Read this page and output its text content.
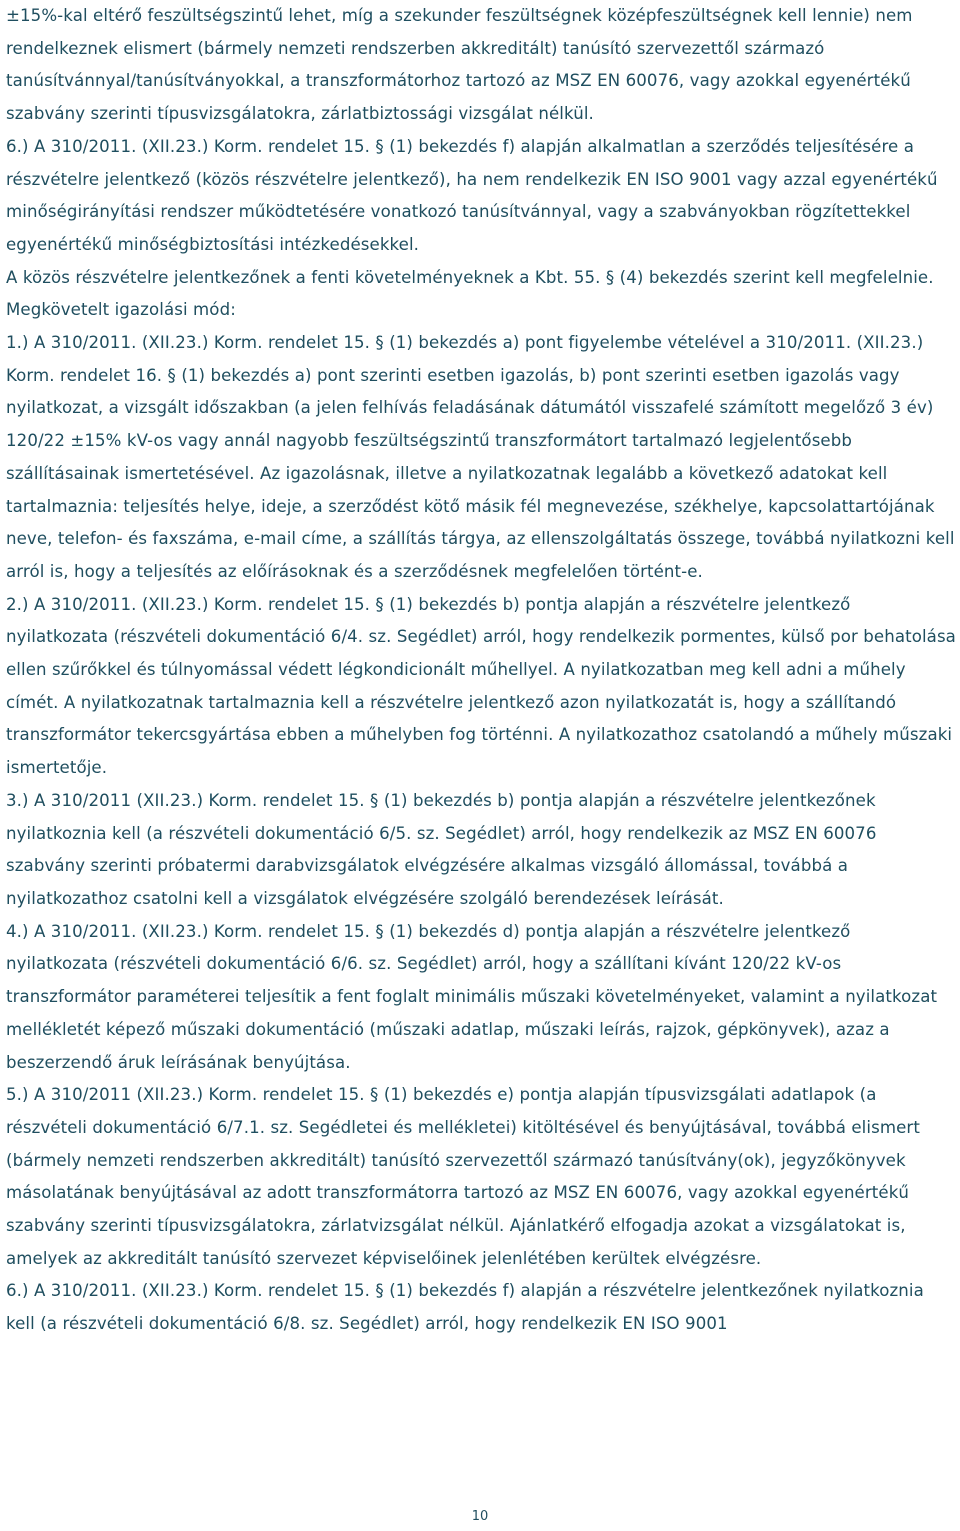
±15%-kal eltérő feszültségszintű lehet, míg a szekunder feszültségnek középfeszültségnek kell lennie) nem rendelkeznek elismert (bármely nemzeti rendszerben akkreditált) tanúsító szervezettől származó tanúsítvánnyal/tanúsítványokkal, a transzformátorhoz tartozó az MSZ EN 60076, vagy azokkal egyenértékű szabvány szerinti típusvizsgálatokra, zárlatbiztossági vizsgálat nélkül.

6.) A 310/2011. (XII.23.) Korm. rendelet 15. § (1) bekezdés f) alapján alkalmatlan a szerződés teljesítésére a részvételre jelentkező (közös részvételre jelentkező), ha nem rendelkezik EN ISO 9001 vagy azzal egyenértékű minőségirányítási rendszer működtetésére vonatkozó tanúsítvánnyal, vagy a szabványokban rögzítettekkel egyenértékű minőségbiztosítási intézkedésekkel.

A közös részvételre jelentkezőnek a fenti követelményeknek a Kbt. 55. § (4) bekezdés szerint kell megfelelnie.

Megkövetelt igazolási mód:

1.) A 310/2011. (XII.23.) Korm. rendelet 15. § (1) bekezdés a) pont figyelembe vételével a 310/2011. (XII.23.) Korm. rendelet 16. § (1) bekezdés a) pont szerinti esetben igazolás, b) pont szerinti esetben igazolás vagy nyilatkozat, a vizsgált időszakban (a jelen felhívás feladásának dátumától visszafelé számított megelőző 3 év) 120/22 ±15% kV-os vagy annál nagyobb feszültségszintű transzformátort tartalmazó legjelentősebb szállításainak ismertetésével. Az igazolásnak, illetve a nyilatkozatnak legalább a következő adatokat kell tartalmaznia: teljesítés helye, ideje, a szerződést kötő másik fél megnevezése, székhelye, kapcsolattartójának neve, telefon- és faxszáma, e-mail címe, a szállítás tárgya, az ellenszolgáltatás összege, továbbá nyilatkozni kell arról is, hogy a teljesítés az előírásoknak és a szerződésnek megfelelően történt-e.

2.) A 310/2011. (XII.23.) Korm. rendelet 15. § (1) bekezdés b) pontja alapján a részvételre jelentkező nyilatkozata (részvételi dokumentáció 6/4. sz. Segédlet) arról, hogy rendelkezik pormentes, külső por behatolása ellen szűrőkkel és túlnyomással védett légkondicionált műhellyel. A nyilatkozatban meg kell adni a műhely címét. A nyilatkozatnak tartalmaznia kell a részvételre jelentkező azon nyilatkozatát is, hogy a szállítandó transzformátor tekercsgyártása ebben a műhelyben fog történni. A nyilatkozathoz csatolandó a műhely műszaki ismertetője.

3.) A 310/2011 (XII.23.) Korm. rendelet 15. § (1) bekezdés b) pontja alapján a részvételre jelentkezőnek nyilatkoznia kell (a részvételi dokumentáció 6/5. sz. Segédlet) arról, hogy rendelkezik az MSZ EN 60076 szabvány szerinti próbatermi darabvizsgálatok elvégzésére alkalmas vizsgáló állomással, továbbá a nyilatkozathoz csatolni kell a vizsgálatok elvégzésére szolgáló berendezések leírását.

4.) A 310/2011. (XII.23.) Korm. rendelet 15. § (1) bekezdés d) pontja alapján a részvételre jelentkező nyilatkozata (részvételi dokumentáció 6/6. sz. Segédlet) arról, hogy a szállítani kívánt 120/22 kV-os transzformátor paraméterei teljesítik a fent foglalt minimális műszaki követelményeket, valamint a nyilatkozat mellékletét képező műszaki dokumentáció (műszaki adatlap, műszaki leírás, rajzok, gépkönyvek), azaz a beszerzendő áruk leírásának benyújtása.

5.) A 310/2011 (XII.23.) Korm. rendelet 15. § (1) bekezdés e) pontja alapján típusvizsgálati adatlapok (a részvételi dokumentáció 6/7.1. sz. Segédletei és mellékletei) kitöltésével és benyújtásával, továbbá elismert (bármely nemzeti rendszerben akkreditált) tanúsító szervezettől származó tanúsítvány(ok), jegyzőkönyvek másolatának benyújtásával az adott transzformátorra tartozó az MSZ EN 60076, vagy azokkal egyenértékű szabvány szerinti típusvizsgálatokra, zárlatvizsgálat nélkül. Ajánlatkérő elfogadja azokat a vizsgálatokat is, amelyek az akkreditált tanúsító szervezet képviselőinek jelenlétében kerültek elvégzésre.

6.) A 310/2011. (XII.23.) Korm. rendelet 15. § (1) bekezdés f) alapján a részvételre jelentkezőnek nyilatkoznia kell (a részvételi dokumentáció 6/8. sz. Segédlet) arról, hogy rendelkezik EN ISO 9001

10
